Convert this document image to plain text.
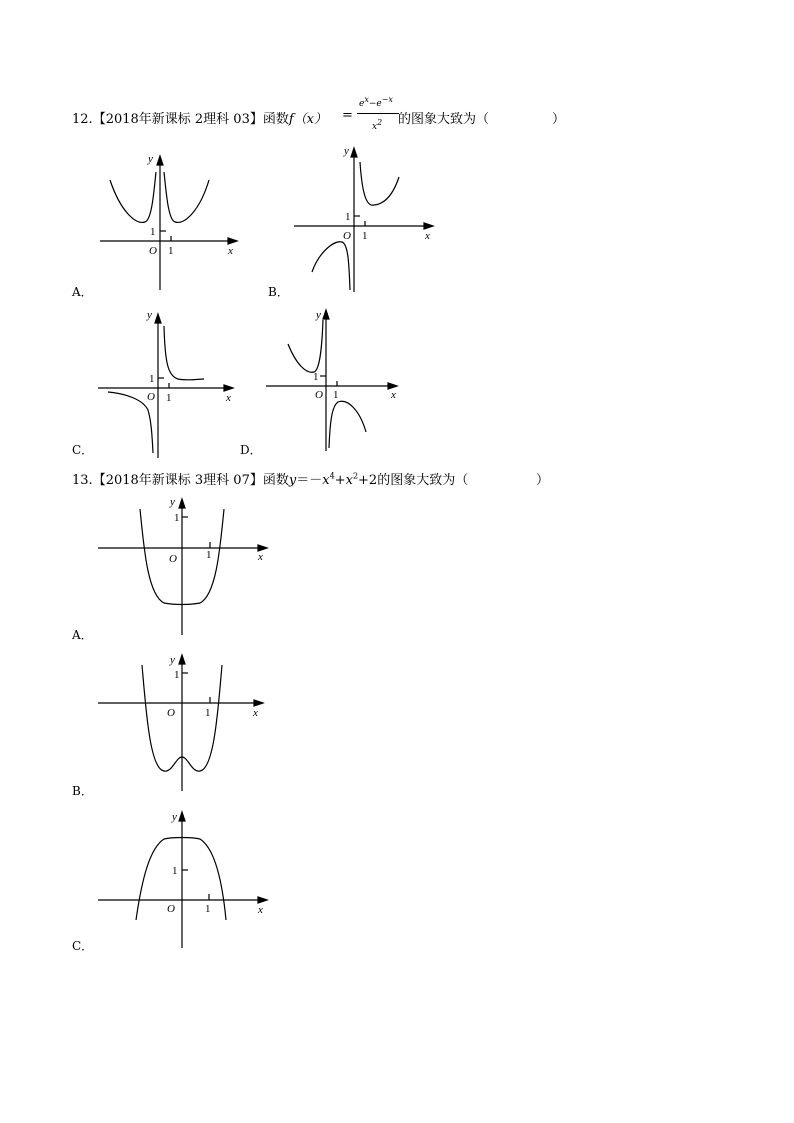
12.【2018年新课标 2理科 03】函数f（x） =
$e^x-e^{-x}$
$x^2$ 的图象大致为（	）
y
x
O
1
1
A．
y
x
O
1
1
B．
y
x
O
1
1
C．
y
x
O
1
1
D．
13.【2018年新课标 3理科 07】函数$y=-x^4+x^2+2$的图象大致为（	）
y
x
O
1
1
A．
y
x
O
1
1
B．
y
x
O
1
1
C．
